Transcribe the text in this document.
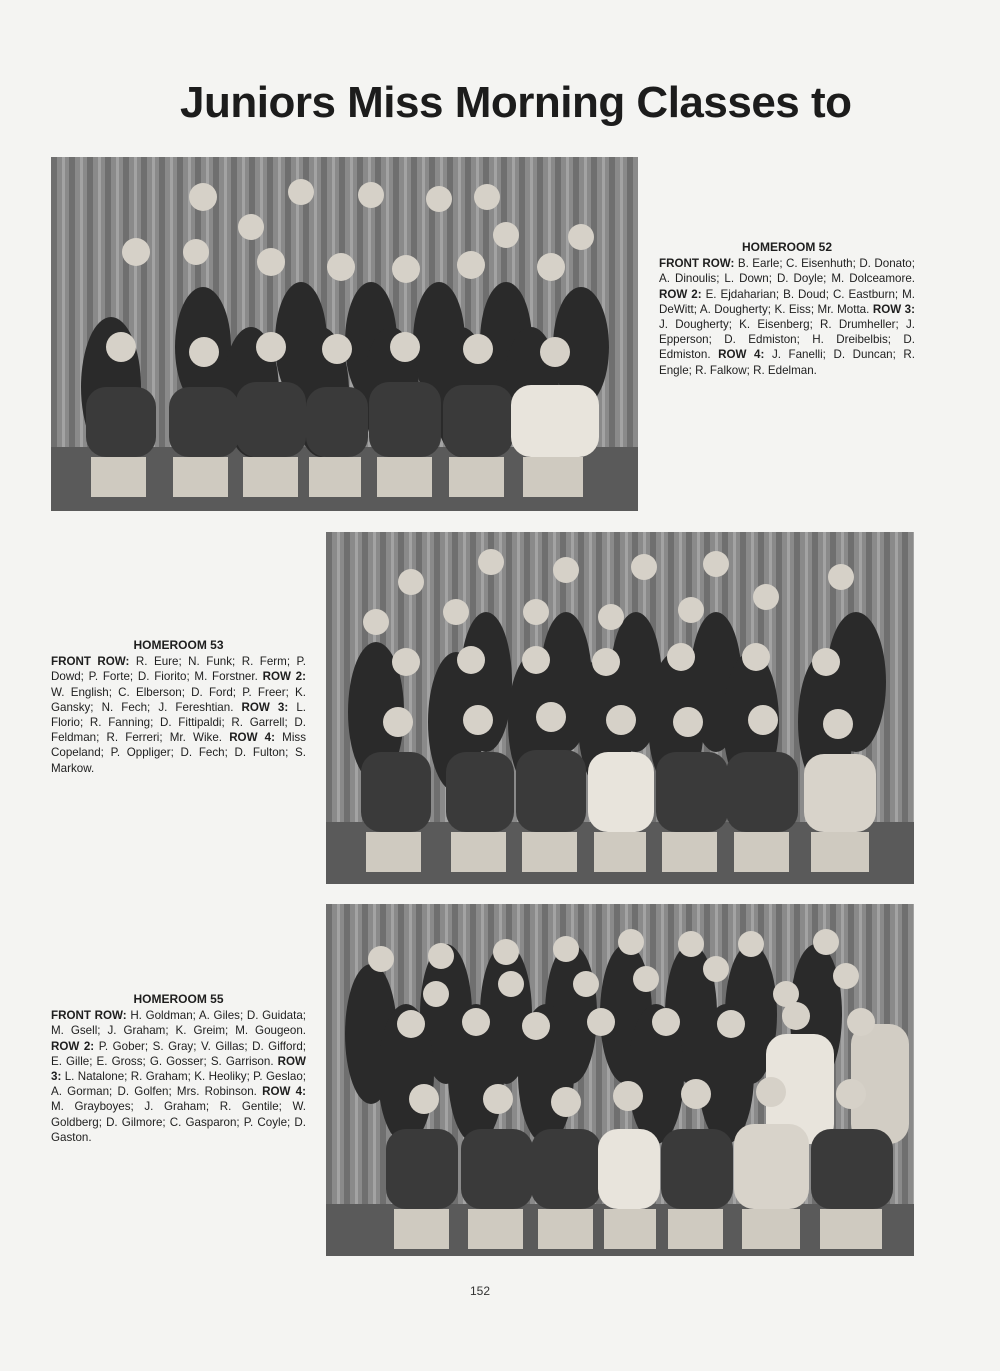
Juniors Miss Morning Classes to
HOMEROOM 52
FRONT ROW: B. Earle; C. Eisenhuth; D. Donato; A. Dinoulis; L. Down; D. Doyle; M. Dolceamore. ROW 2: E. Ejdaharian; B. Doud; C. Eastburn; M. DeWitt; A. Dougherty; K. Eiss; Mr. Motta. ROW 3: J. Dougherty; K. Eisenberg; R. Drumheller; J. Epperson; D. Edmiston; H. Dreibelbis; D. Edmiston. ROW 4: J. Fanelli; D. Duncan; R. Engle; R. Falkow; R. Edelman.
HOMEROOM 53
FRONT ROW: R. Eure; N. Funk; R. Ferm; P. Dowd; P. Forte; D. Fiorito; M. Forstner. ROW 2: W. English; C. Elberson; D. Ford; P. Freer; K. Gansky; N. Fech; J. Fereshtian. ROW 3: L. Florio; R. Fanning; D. Fittipaldi; R. Garrell; D. Feldman; R. Ferreri; Mr. Wike. ROW 4: Miss Copeland; P. Oppliger; D. Fech; D. Fulton; S. Markow.
HOMEROOM 55
FRONT ROW: H. Goldman; A. Giles; D. Guidata; M. Gsell; J. Graham; K. Greim; M. Gougeon. ROW 2: P. Gober; S. Gray; V. Gillas; D. Gifford; E. Gille; E. Gross; G. Gosser; S. Garrison. ROW 3: L. Natalone; R. Graham; K. Heoliky; P. Geslao; A. Gorman; D. Golfen; Mrs. Robinson. ROW 4: M. Grayboyes; J. Graham; R. Gentile; W. Goldberg; D. Gilmore; C. Gasparon; P. Coyle; D. Gaston.
152
